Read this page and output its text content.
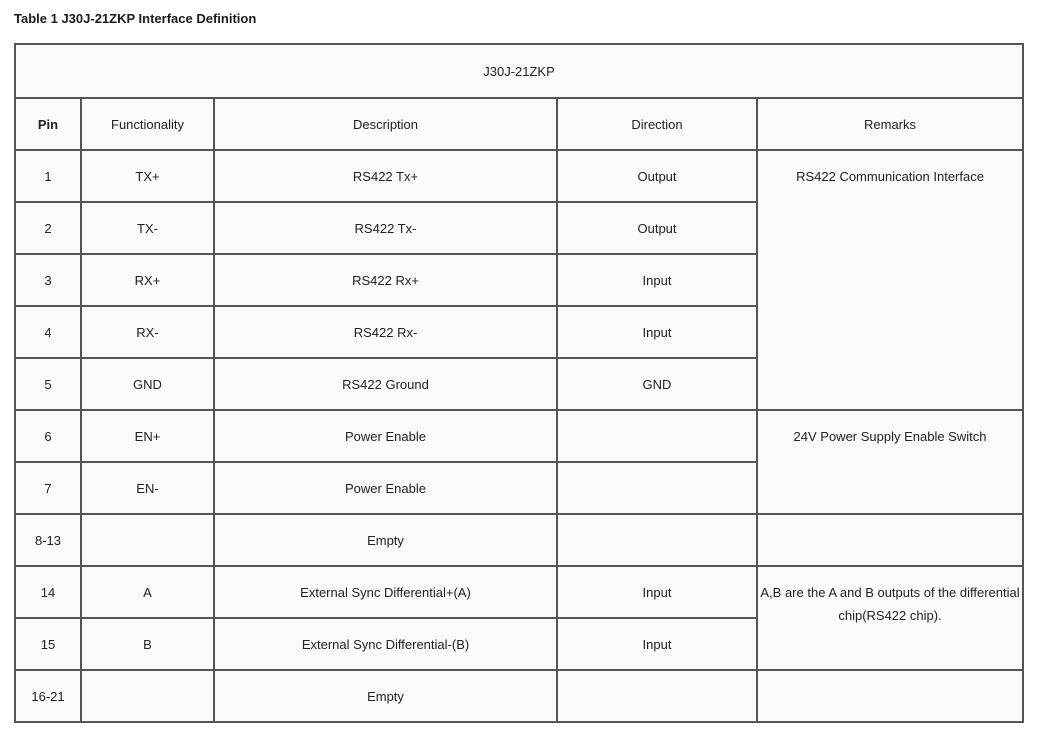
Table 1 J30J-21ZKP Interface Definition
J30J-21ZKP				
Pin	Functionality	Description	Direction	Remarks
1	TX+	RS422 Tx+	Output	RS422 Communication Interface
2	TX-	RS422 Tx-	Output	
3	RX+	RS422 Rx+	Input	
4	RX-	RS422 Rx-	Input	
5	GND	RS422 Ground	GND	
6	EN+	Power Enable		24V Power Supply Enable Switch
7	EN-	Power Enable		
8-13		Empty		
14	A	External Sync Differential+(A)	Input	A,B are the A and B outputs of the differential chip(RS422 chip).
15	B	External Sync Differential-(B)	Input	
16-21		Empty		
